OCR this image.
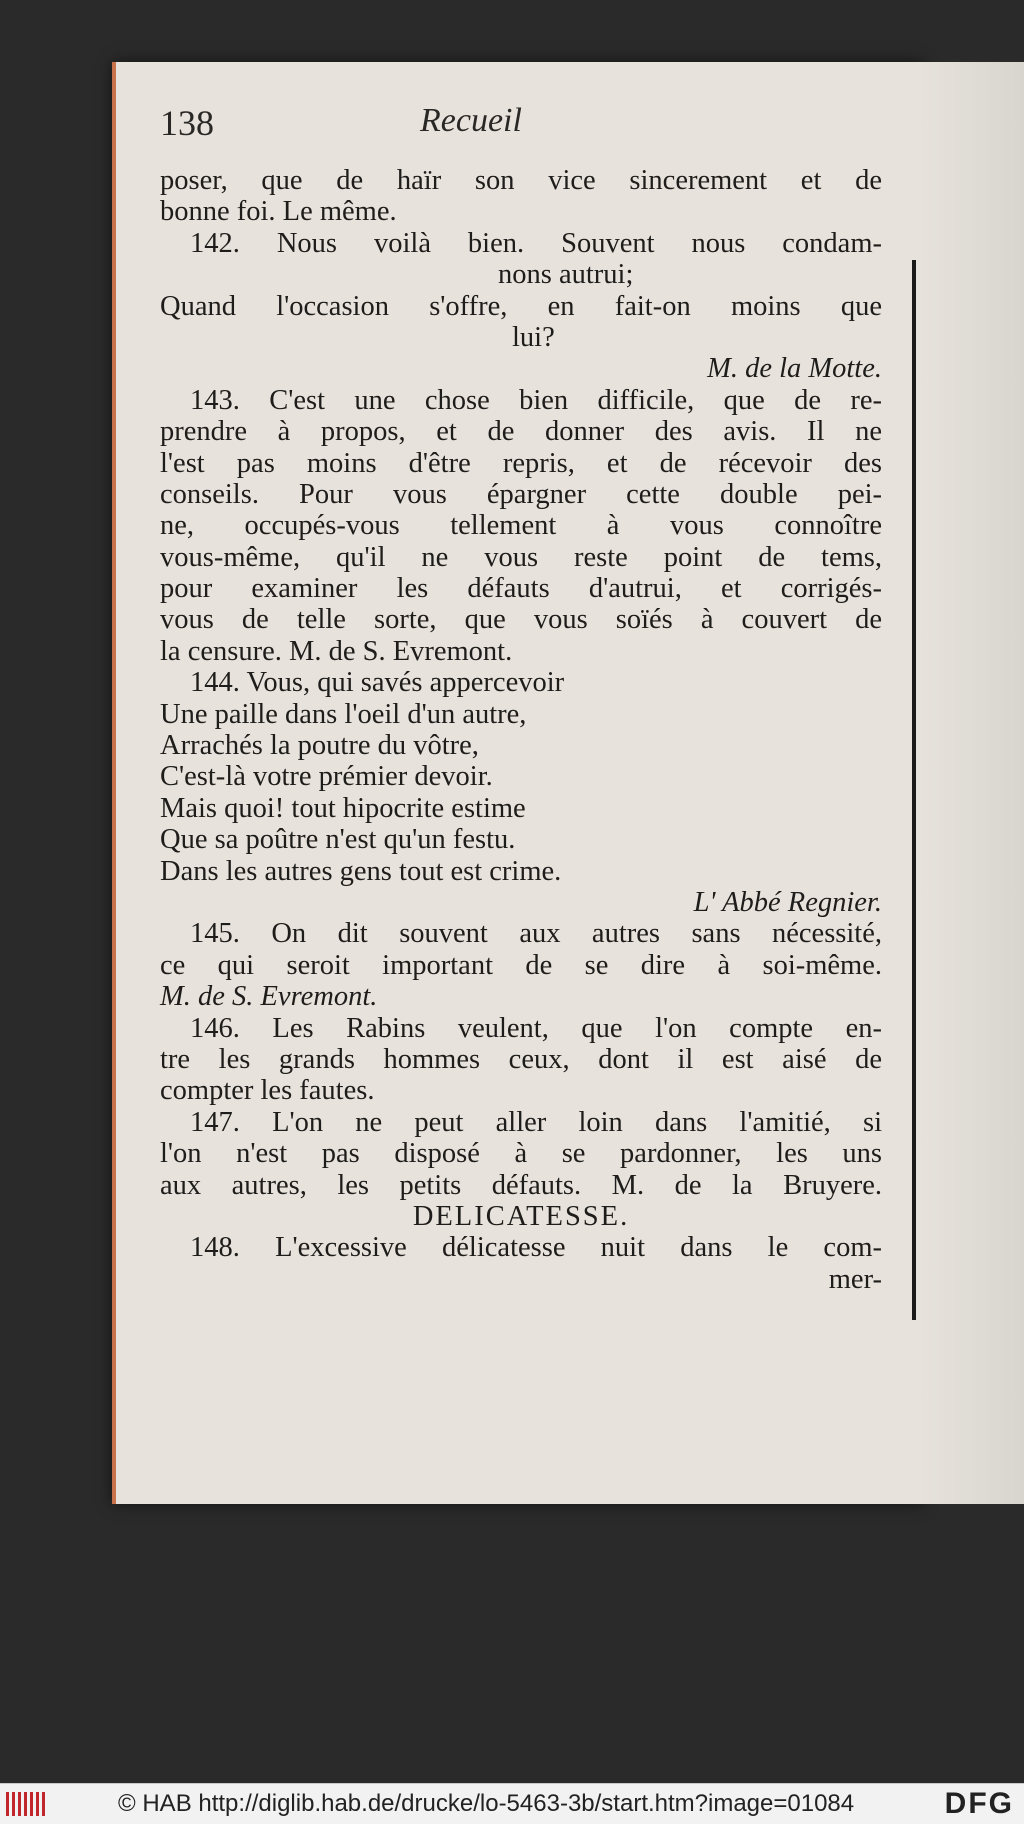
138	Recueil
poser, que de haïr son vice sincerement et de
bonne foi. Le même.
142. Nous voilà bien. Souvent nous condam-
nons autrui;
Quand l'occasion s'offre, en fait-on moins que
lui?
M. de la Motte.
143. C'est une chose bien difficile, que de re-
prendre à propos, et de donner des avis. Il ne
l'est pas moins d'être repris, et de récevoir des
conseils. Pour vous épargner cette double pei-
ne, occupés-vous tellement à vous connoître
vous-même, qu'il ne vous reste point de tems,
pour examiner les défauts d'autrui, et corrigés-
vous de telle sorte, que vous soïés à couvert de
la censure. M. de S. Evremont.
144. Vous, qui savés appercevoir
Une paille dans l'oeil d'un autre,
Arrachés la poutre du vôtre,
C'est-là votre prémier devoir.
Mais quoi! tout hipocrite estime
Que sa poûtre n'est qu'un festu.
Dans les autres gens tout est crime.
L' Abbé Regnier.
145. On dit souvent aux autres sans nécessité,
ce qui seroit important de se dire à soi-même.
M. de S. Evremont.
146. Les Rabins veulent, que l'on compte en-
tre les grands hommes ceux, dont il est aisé de
compter les fautes.
147. L'on ne peut aller loin dans l'amitié, si
l'on n'est pas disposé à se pardonner, les uns
aux autres, les petits défauts. M. de la Bruyere.
DELICATESSE.
148. L'excessive délicatesse nuit dans le com-
mer-
© HAB http://diglib.hab.de/drucke/lo-5463-3b/start.htm?image=01084	DFG
